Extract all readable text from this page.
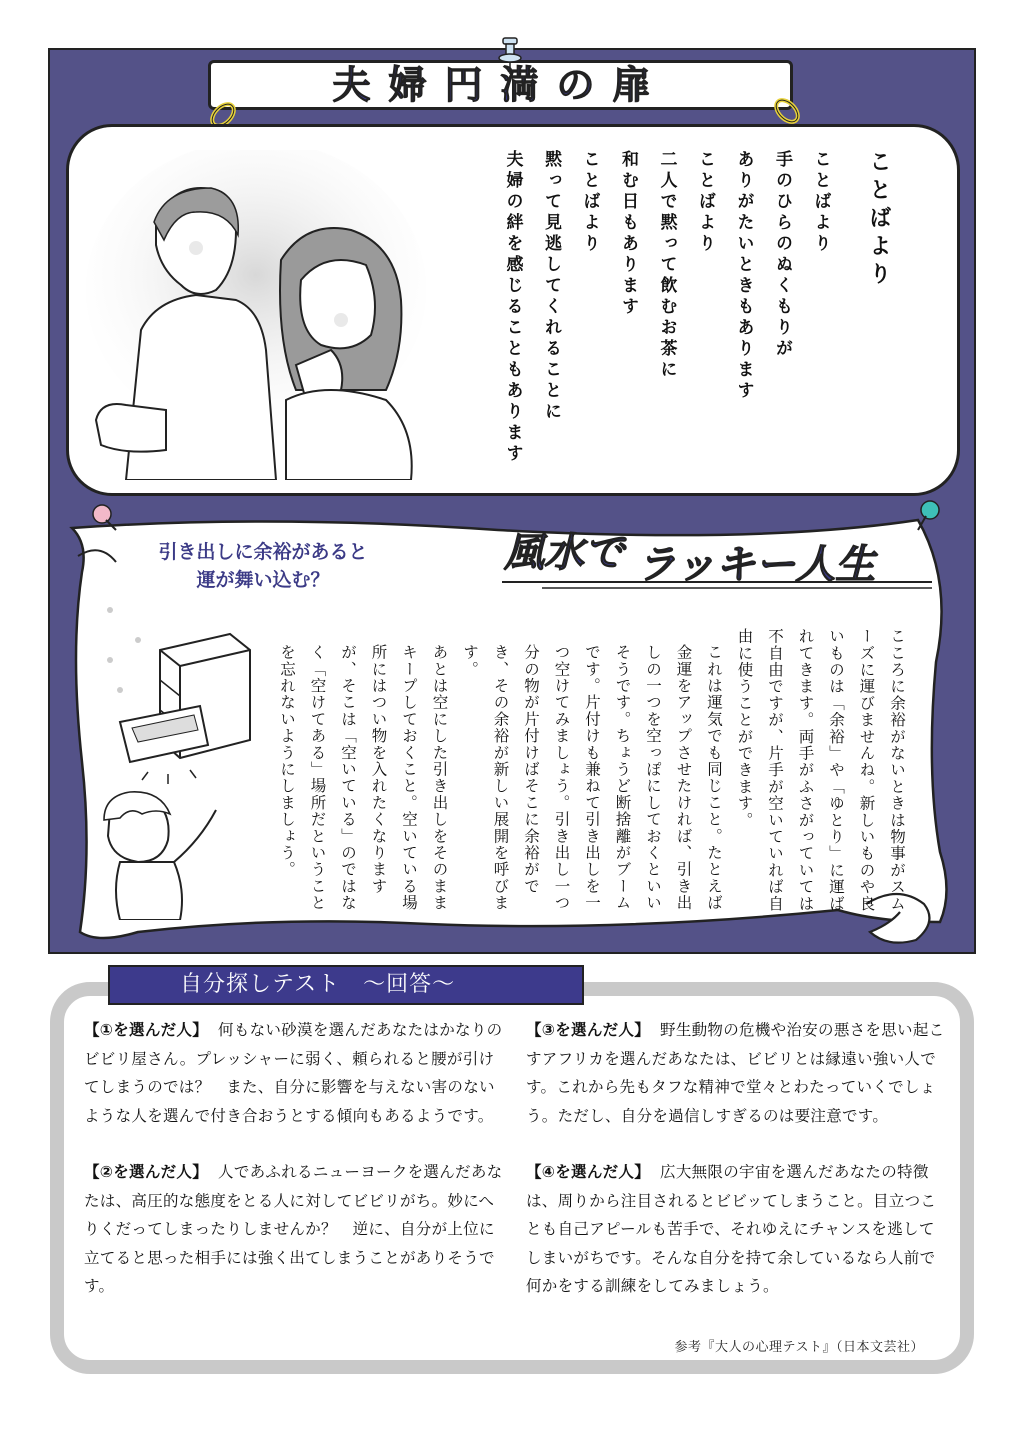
夫婦円満の扉
ことばより
ことばより
手のひらのぬくもりが
ありがたいときもあります
ことばより
二人で黙って飲むお茶に
和む日もあります
ことばより
黙って見逃してくれることに
夫婦の絆を感じることもあります
引き出しに余裕があると
運が舞い込む？
風水で ラッキー人生

こころに余裕がないときは物事がスムーズに運びませんね。新しいものや良いものは「余裕」や「ゆとり」に運ばれてきます。両手がふさがっていては不自由ですが、片手が空いていれば自由に使うことができます。

これは運気でも同じこと。たとえば金運をアップさせたければ、引き出しの一つを空っぽにしておくといいそうです。ちょうど断捨離がブームです。片付けも兼ねて引き出しを一つ空けてみましょう。引き出し一つ分の物が片付けばそこに余裕ができ、その余裕が新しい展開を呼びます。

あとは空にした引き出しをそのままキープしておくこと。空いている場所にはつい物を入れたくなりますが、そこは「空いている」のではなく「空けてある」場所だということを忘れないようにしましょう。

自分探しテスト　～回答～

【①を選んだ人】 何もない砂漠を選んだあなたはかなりのビビリ屋さん。プレッシャーに弱く、頼られると腰が引けてしまうのでは？　また、自分に影響を与えない害のないような人を選んで付き合おうとする傾向もあるようです。

【②を選んだ人】 人であふれるニューヨークを選んだあなたは、高圧的な態度をとる人に対してビビリがち。妙にへりくだってしまったりしませんか？　逆に、自分が上位に立てると思った相手には強く出てしまうことがありそうです。

【③を選んだ人】 野生動物の危機や治安の悪さを思い起こすアフリカを選んだあなたは、ビビリとは縁遠い強い人です。これから先もタフな精神で堂々とわたっていくでしょう。ただし、自分を過信しすぎるのは要注意です。

【④を選んだ人】 広大無限の宇宙を選んだあなたの特徴は、周りから注目されるとビビッてしまうこと。目立つことも自己アピールも苦手で、それゆえにチャンスを逃してしまいがちです。そんな自分を持て余しているなら人前で何かをする訓練をしてみましょう。

参考『大人の心理テスト』（日本文芸社）
